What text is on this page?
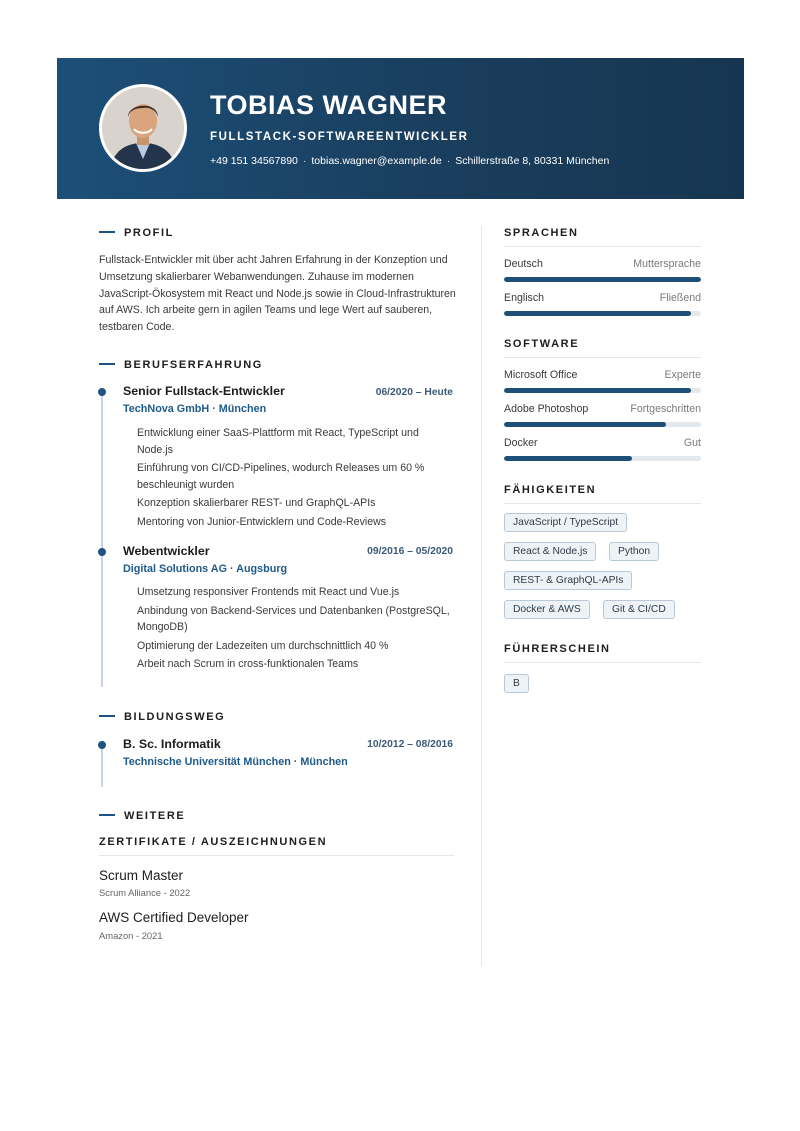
TOBIAS WAGNER
FULLSTACK-SOFTWAREENTWICKLER
+49 151 34567890 · tobias.wagner@example.de · Schillerstraße 8, 80331 München
PROFIL
Fullstack-Entwickler mit über acht Jahren Erfahrung in der Konzeption und Umsetzung skalierbarer Webanwendungen. Zuhause im modernen JavaScript-Ökosystem mit React und Node.js sowie in Cloud-Infrastrukturen auf AWS. Ich arbeite gern in agilen Teams und lege Wert auf sauberen, testbaren Code.
BERUFSERFAHRUNG
Senior Fullstack-Entwickler	06/2020 – Heute
TechNova GmbH · München
Entwicklung einer SaaS-Plattform mit React, TypeScript und Node.js
Einführung von CI/CD-Pipelines, wodurch Releases um 60 % beschleunigt wurden
Konzeption skalierbarer REST- und GraphQL-APIs
Mentoring von Junior-Entwicklern und Code-Reviews
Webentwickler	09/2016 – 05/2020
Digital Solutions AG · Augsburg
Umsetzung responsiver Frontends mit React und Vue.js
Anbindung von Backend-Services und Datenbanken (PostgreSQL, MongoDB)
Optimierung der Ladezeiten um durchschnittlich 40 %
Arbeit nach Scrum in cross-funktionalen Teams
BILDUNGSWEG
B. Sc. Informatik	10/2012 – 08/2016
Technische Universität München · München
WEITERE
ZERTIFIKATE / AUSZEICHNUNGEN
Scrum Master
Scrum Alliance - 2022
AWS Certified Developer
Amazon - 2021
SPRACHEN
Deutsch	Muttersprache
Englisch	Fließend
SOFTWARE
Microsoft Office	Experte
Adobe Photoshop	Fortgeschritten
Docker	Gut
FÄHIGKEITEN
JavaScript / TypeScript
React & Node.js	Python
REST- & GraphQL-APIs
Docker & AWS	Git & CI/CD
FÜHRERSCHEIN
B
